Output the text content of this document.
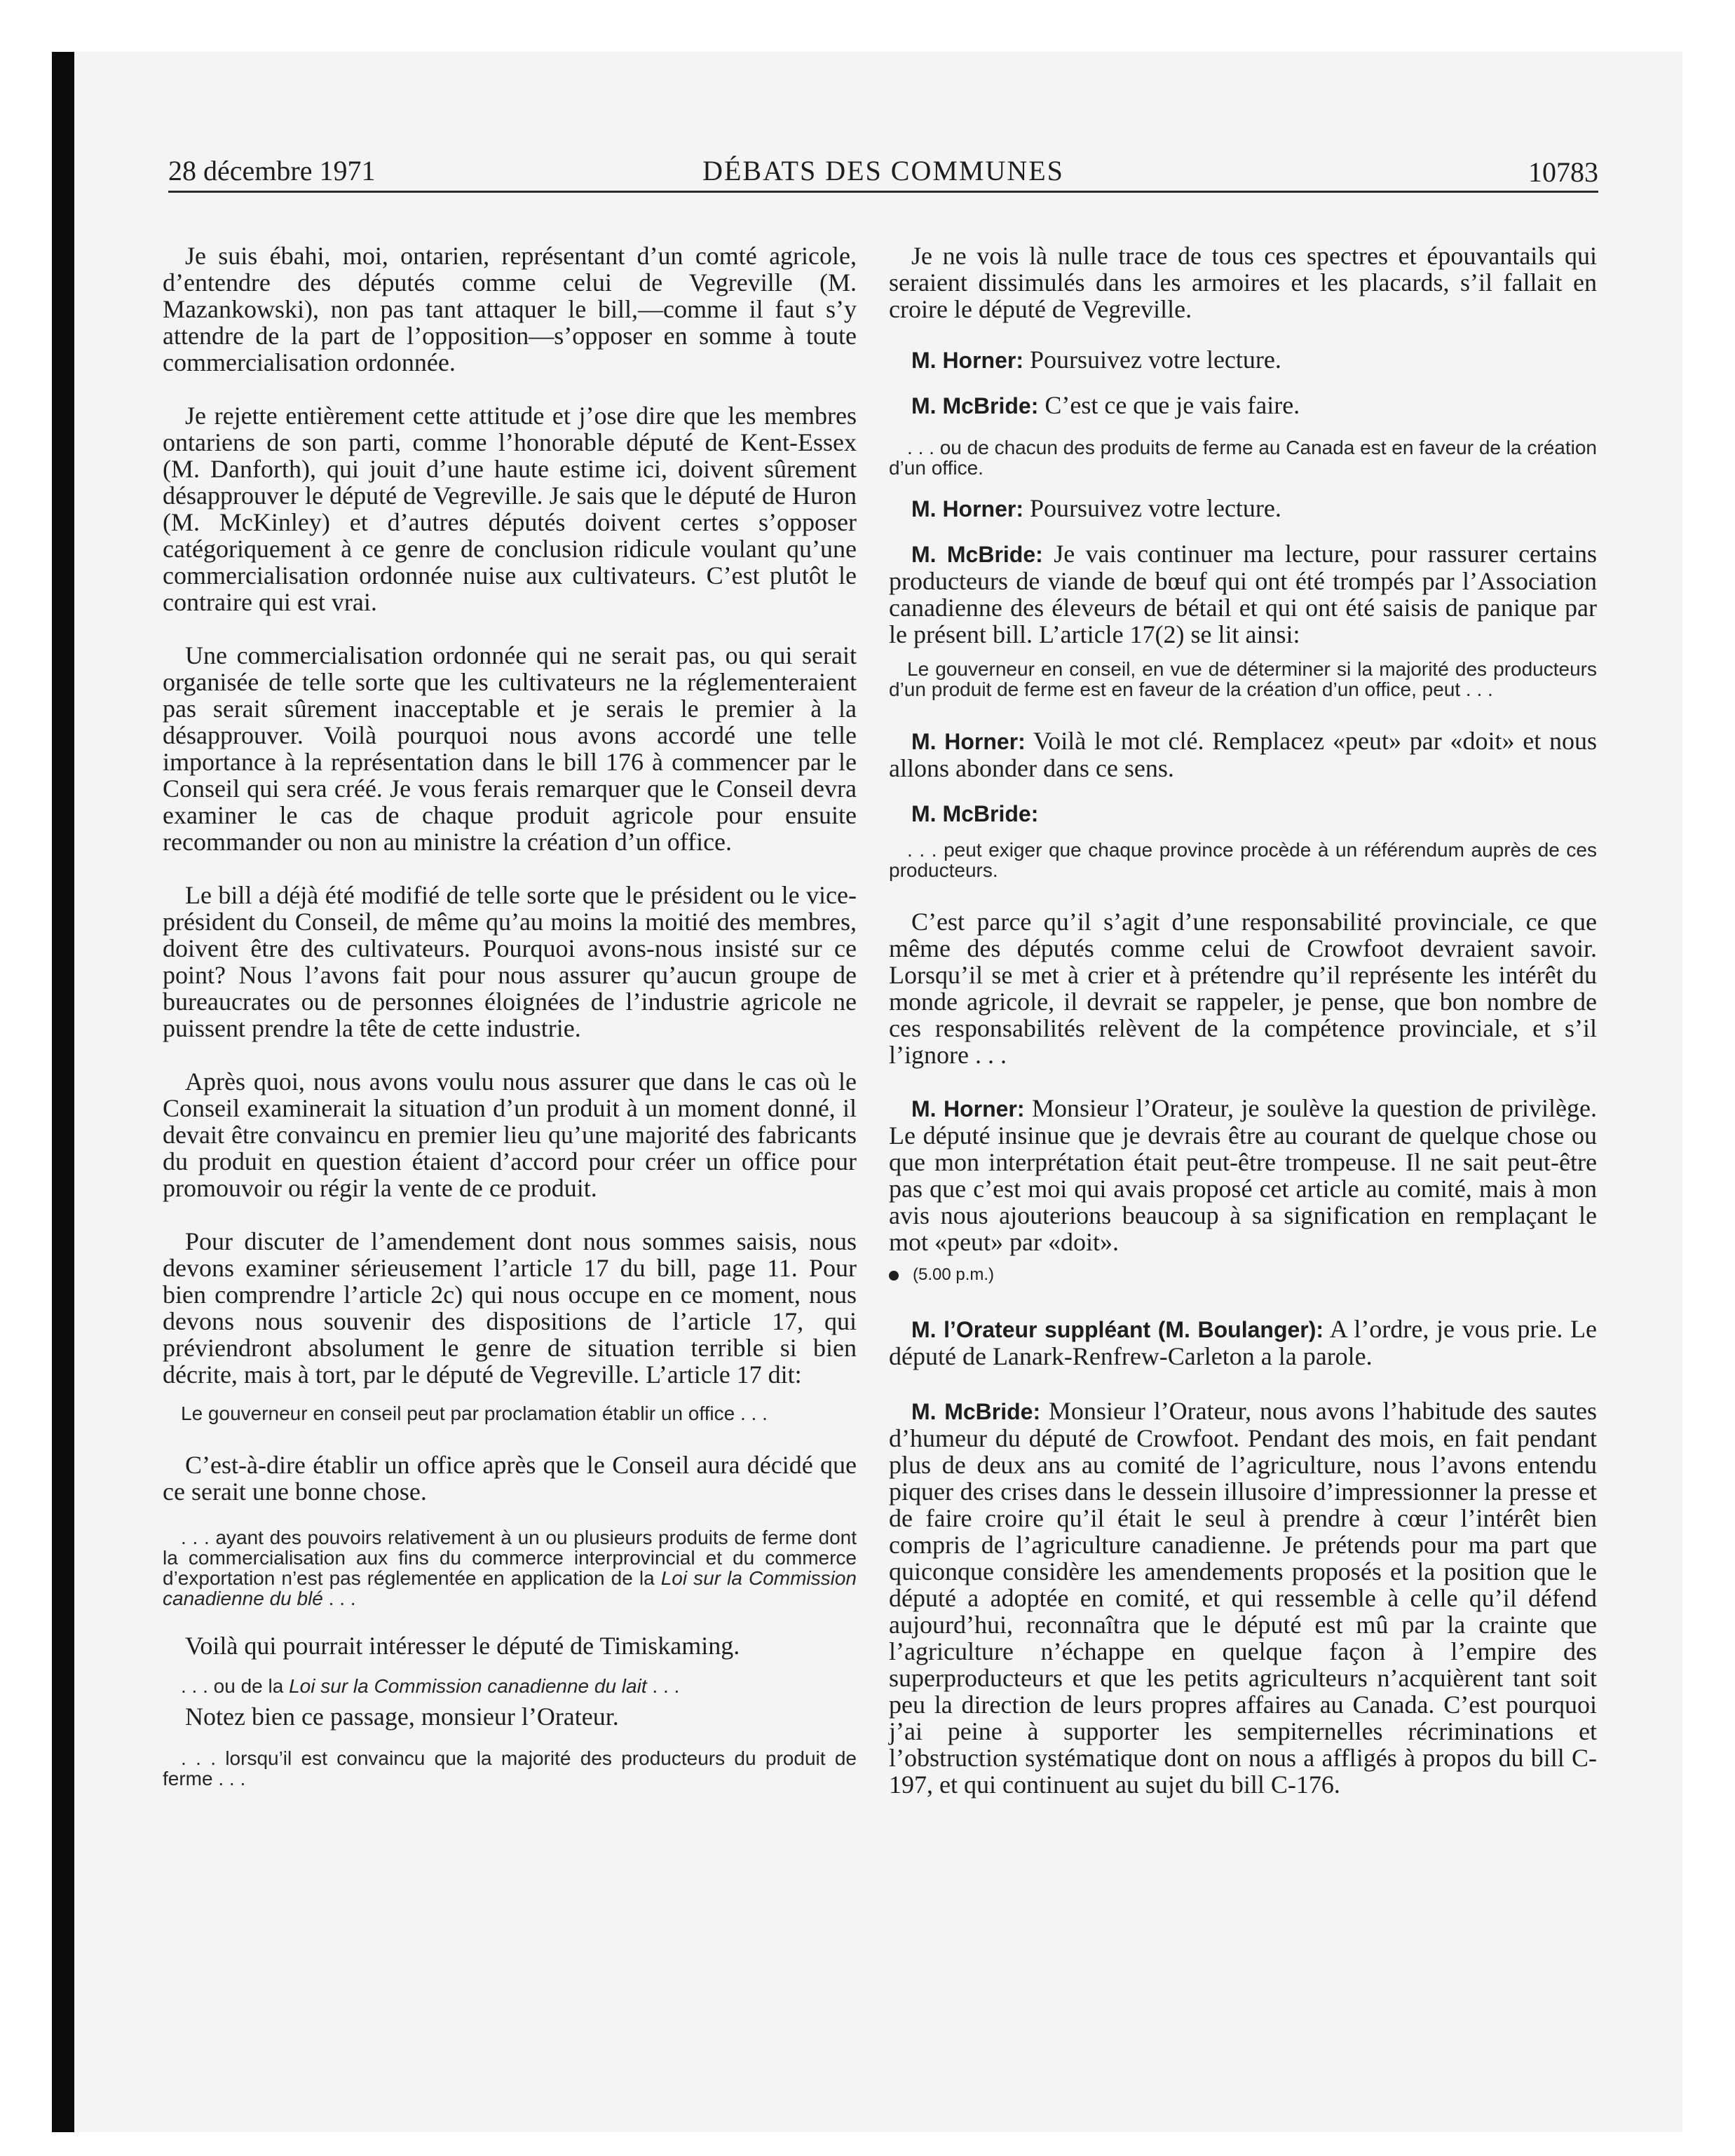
28 décembre 1971	DÉBATS DES COMMUNES	10783

Je suis ébahi, moi, ontarien, représentant d’un comté agricole, d’entendre des députés comme celui de Vegreville (M. Mazankowski), non pas tant attaquer le bill,—comme il faut s’y attendre de la part de l’opposition—s’opposer en somme à toute commercialisation ordonnée.

Je rejette entièrement cette attitude et j’ose dire que les membres ontariens de son parti, comme l’honorable député de Kent-Essex (M. Danforth), qui jouit d’une haute estime ici, doivent sûrement désapprouver le député de Vegreville. Je sais que le député de Huron (M. McKinley) et d’autres députés doivent certes s’opposer catégoriquement à ce genre de conclusion ridicule voulant qu’une commercialisation ordonnée nuise aux cultivateurs. C’est plutôt le contraire qui est vrai.

Une commercialisation ordonnée qui ne serait pas, ou qui serait organisée de telle sorte que les cultivateurs ne la réglementeraient pas serait sûrement inacceptable et je serais le premier à la désapprouver. Voilà pourquoi nous avons accordé une telle importance à la représentation dans le bill 176 à commencer par le Conseil qui sera créé. Je vous ferais remarquer que le Conseil devra examiner le cas de chaque produit agricole pour ensuite recommander ou non au ministre la création d’un office.

Le bill a déjà été modifié de telle sorte que le président ou le vice-président du Conseil, de même qu’au moins la moitié des membres, doivent être des cultivateurs. Pourquoi avons-nous insisté sur ce point? Nous l’avons fait pour nous assurer qu’aucun groupe de bureaucrates ou de personnes éloignées de l’industrie agricole ne puissent prendre la tête de cette industrie.

Après quoi, nous avons voulu nous assurer que dans le cas où le Conseil examinerait la situation d’un produit à un moment donné, il devait être convaincu en premier lieu qu’une majorité des fabricants du produit en question étaient d’accord pour créer un office pour promouvoir ou régir la vente de ce produit.

Pour discuter de l’amendement dont nous sommes saisis, nous devons examiner sérieusement l’article 17 du bill, page 11. Pour bien comprendre l’article 2c) qui nous occupe en ce moment, nous devons nous souvenir des dispositions de l’article 17, qui préviendront absolument le genre de situation terrible si bien décrite, mais à tort, par le député de Vegreville. L’article 17 dit:

Le gouverneur en conseil peut par proclamation établir un office . . .

C’est-à-dire établir un office après que le Conseil aura décidé que ce serait une bonne chose.

. . . ayant des pouvoirs relativement à un ou plusieurs produits de ferme dont la commercialisation aux fins du commerce interprovincial et du commerce d’exportation n’est pas réglementée en application de la Loi sur la Commission canadienne du blé . . .

Voilà qui pourrait intéresser le député de Timiskaming.

. . . ou de la Loi sur la Commission canadienne du lait . . .

Notez bien ce passage, monsieur l’Orateur.

. . . lorsqu’il est convaincu que la majorité des producteurs du produit de ferme . . .

Je ne vois là nulle trace de tous ces spectres et épouvantails qui seraient dissimulés dans les armoires et les placards, s’il fallait en croire le député de Vegreville.

M. Horner: Poursuivez votre lecture.

M. McBride: C’est ce que je vais faire.

. . . ou de chacun des produits de ferme au Canada est en faveur de la création d’un office.

M. Horner: Poursuivez votre lecture.

M. McBride: Je vais continuer ma lecture, pour rassurer certains producteurs de viande de bœuf qui ont été trompés par l’Association canadienne des éleveurs de bétail et qui ont été saisis de panique par le présent bill. L’article 17(2) se lit ainsi:

Le gouverneur en conseil, en vue de déterminer si la majorité des producteurs d’un produit de ferme est en faveur de la création d’un office, peut . . .

M. Horner: Voilà le mot clé. Remplacez «peut» par «doit» et nous allons abonder dans ce sens.

M. McBride:

. . . peut exiger que chaque province procède à un référendum auprès de ces producteurs.

C’est parce qu’il s’agit d’une responsabilité provinciale, ce que même des députés comme celui de Crowfoot devraient savoir. Lorsqu’il se met à crier et à prétendre qu’il représente les intérêt du monde agricole, il devrait se rappeler, je pense, que bon nombre de ces responsabilités relèvent de la compétence provinciale, et s’il l’ignore . . .

M. Horner: Monsieur l’Orateur, je soulève la question de privilège. Le député insinue que je devrais être au courant de quelque chose ou que mon interprétation était peut-être trompeuse. Il ne sait peut-être pas que c’est moi qui avais proposé cet article au comité, mais à mon avis nous ajouterions beaucoup à sa signification en remplaçant le mot «peut» par «doit».

(5.00 p.m.)

M. l’Orateur suppléant (M. Boulanger): A l’ordre, je vous prie. Le député de Lanark-Renfrew-Carleton a la parole.

M. McBride: Monsieur l’Orateur, nous avons l’habitude des sautes d’humeur du député de Crowfoot. Pendant des mois, en fait pendant plus de deux ans au comité de l’agriculture, nous l’avons entendu piquer des crises dans le dessein illusoire d’impressionner la presse et de faire croire qu’il était le seul à prendre à cœur l’intérêt bien compris de l’agriculture canadienne. Je prétends pour ma part que quiconque considère les amendements proposés et la position que le député a adoptée en comité, et qui ressemble à celle qu’il défend aujourd’hui, reconnaîtra que le député est mû par la crainte que l’agriculture n’échappe en quelque façon à l’empire des superproducteurs et que les petits agriculteurs n’acquièrent tant soit peu la direction de leurs propres affaires au Canada. C’est pourquoi j’ai peine à supporter les sempiternelles récriminations et l’obstruction systématique dont on nous a affligés à propos du bill C-197, et qui continuent au sujet du bill C-176.
